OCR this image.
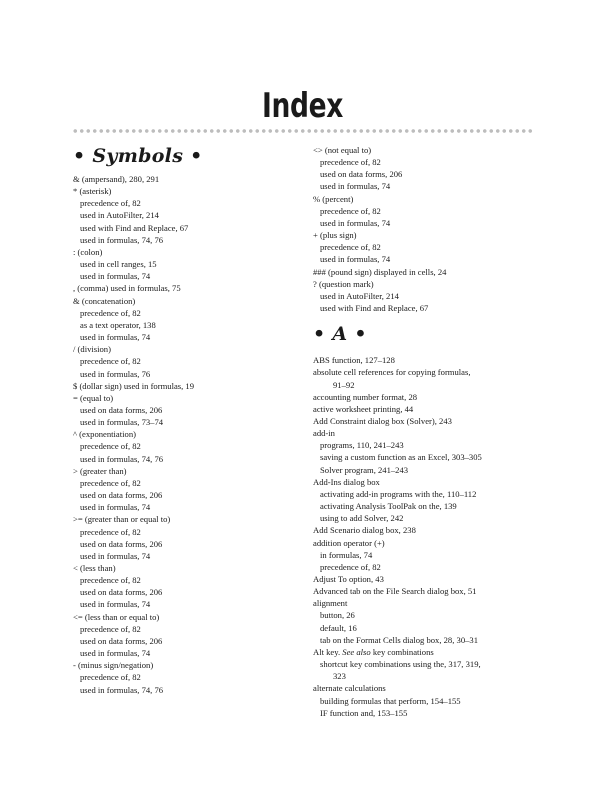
Index
• Symbols •
& (ampersand), 280, 291
* (asterisk)
precedence of, 82
used in AutoFilter, 214
used with Find and Replace, 67
used in formulas, 74, 76
: (colon)
used in cell ranges, 15
used in formulas, 74
, (comma) used in formulas, 75
& (concatenation)
precedence of, 82
as a text operator, 138
used in formulas, 74
/ (division)
precedence of, 82
used in formulas, 76
$ (dollar sign) used in formulas, 19
= (equal to)
used on data forms, 206
used in formulas, 73–74
^ (exponentiation)
precedence of, 82
used in formulas, 74, 76
> (greater than)
precedence of, 82
used on data forms, 206
used in formulas, 74
>= (greater than or equal to)
precedence of, 82
used on data forms, 206
used in formulas, 74
< (less than)
precedence of, 82
used on data forms, 206
used in formulas, 74
<= (less than or equal to)
precedence of, 82
used on data forms, 206
used in formulas, 74
- (minus sign/negation)
precedence of, 82
used in formulas, 74, 76
<> (not equal to)
precedence of, 82
used on data forms, 206
used in formulas, 74
% (percent)
precedence of, 82
used in formulas, 74
+ (plus sign)
precedence of, 82
used in formulas, 74
### (pound sign) displayed in cells, 24
? (question mark)
used in AutoFilter, 214
used with Find and Replace, 67
• A •
ABS function, 127–128
absolute cell references for copying formulas,
91–92
accounting number format, 28
active worksheet printing, 44
Add Constraint dialog box (Solver), 243
add-in
programs, 110, 241–243
saving a custom function as an Excel, 303–305
Solver program, 241–243
Add-Ins dialog box
activating add-in programs with the, 110–112
activating Analysis ToolPak on the, 139
using to add Solver, 242
Add Scenario dialog box, 238
addition operator (+)
in formulas, 74
precedence of, 82
Adjust To option, 43
Advanced tab on the File Search dialog box, 51
alignment
button, 26
default, 16
tab on the Format Cells dialog box, 28, 30–31
Alt key. See also key combinations
shortcut key combinations using the, 317, 319,
323
alternate calculations
building formulas that perform, 154–155
IF function and, 153–155
